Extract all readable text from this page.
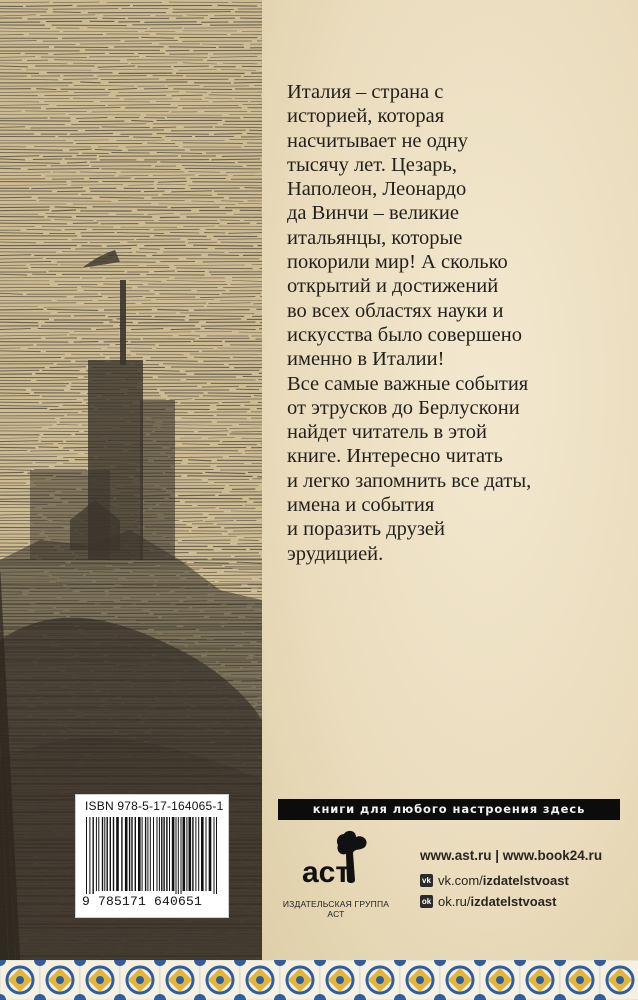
Италия – страна с
историей, которая
насчитывает не одну
тысячу лет. Цезарь,
Наполеон, Леонардо
да Винчи – великие
итальянцы, которые
покорили мир! А сколько
открытий и достижений
во всех областях науки и
искусства было совершено
именно в Италии!
Все самые важные события
от этрусков до Берлускони
найдет читатель в этой
книге. Интересно читать
и легко запомнить все даты,
имена и события
и поразить друзей
эрудицией.

ISBN 978-5-17-164065-1
9 785171 640651
книги для любого настроения здесь
аст
ИЗДАТЕЛЬСКАЯ ГРУППА АСТ
www.ast.ru | www.book24.ru
vk vk.com/izdatelstvoast
ok ok.ru/izdatelstvoast
